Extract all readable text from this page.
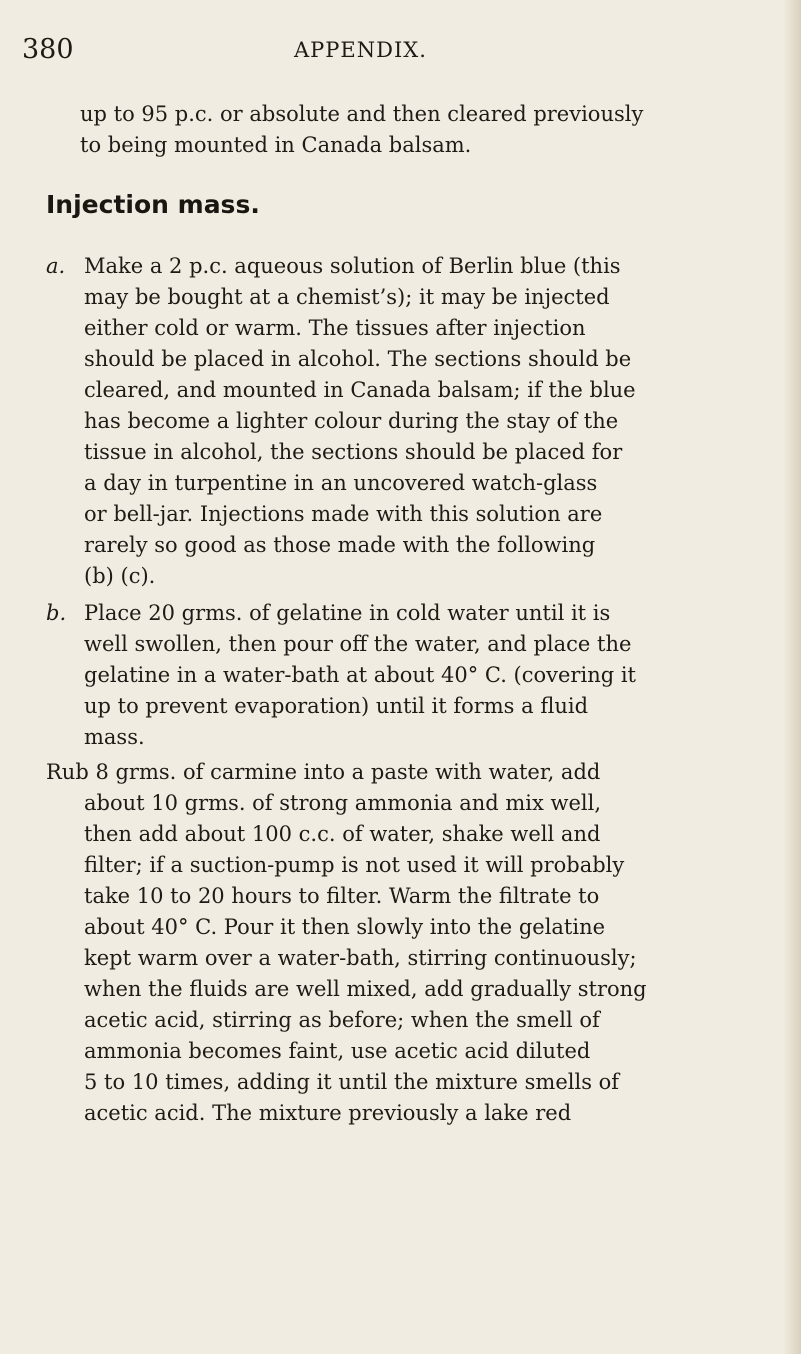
380	APPENDIX.
up to 95 p.c. or absolute and then cleared previously
to being mounted in Canada balsam.
Injection mass.
a. Make a 2 p.c. aqueous solution of Berlin blue (this
may be bought at a chemist’s); it may be injected
either cold or warm. The tissues after injection
should be placed in alcohol. The sections should be
cleared, and mounted in Canada balsam; if the blue
has become a lighter colour during the stay of the
tissue in alcohol, the sections should be placed for
a day in turpentine in an uncovered watch-glass
or bell-jar. Injections made with this solution are
rarely so good as those made with the following
(b) (c).
b. Place 20 grms. of gelatine in cold water until it is
well swollen, then pour off the water, and place the
gelatine in a water-bath at about 40° C. (covering it
up to prevent evaporation) until it forms a fluid
mass.
Rub 8 grms. of carmine into a paste with water, add
about 10 grms. of strong ammonia and mix well,
then add about 100 c.c. of water, shake well and
filter; if a suction-pump is not used it will probably
take 10 to 20 hours to filter. Warm the filtrate to
about 40° C. Pour it then slowly into the gelatine
kept warm over a water-bath, stirring continuously;
when the fluids are well mixed, add gradually strong
acetic acid, stirring as before; when the smell of
ammonia becomes faint, use acetic acid diluted
5 to 10 times, adding it until the mixture smells of
acetic acid. The mixture previously a lake red
